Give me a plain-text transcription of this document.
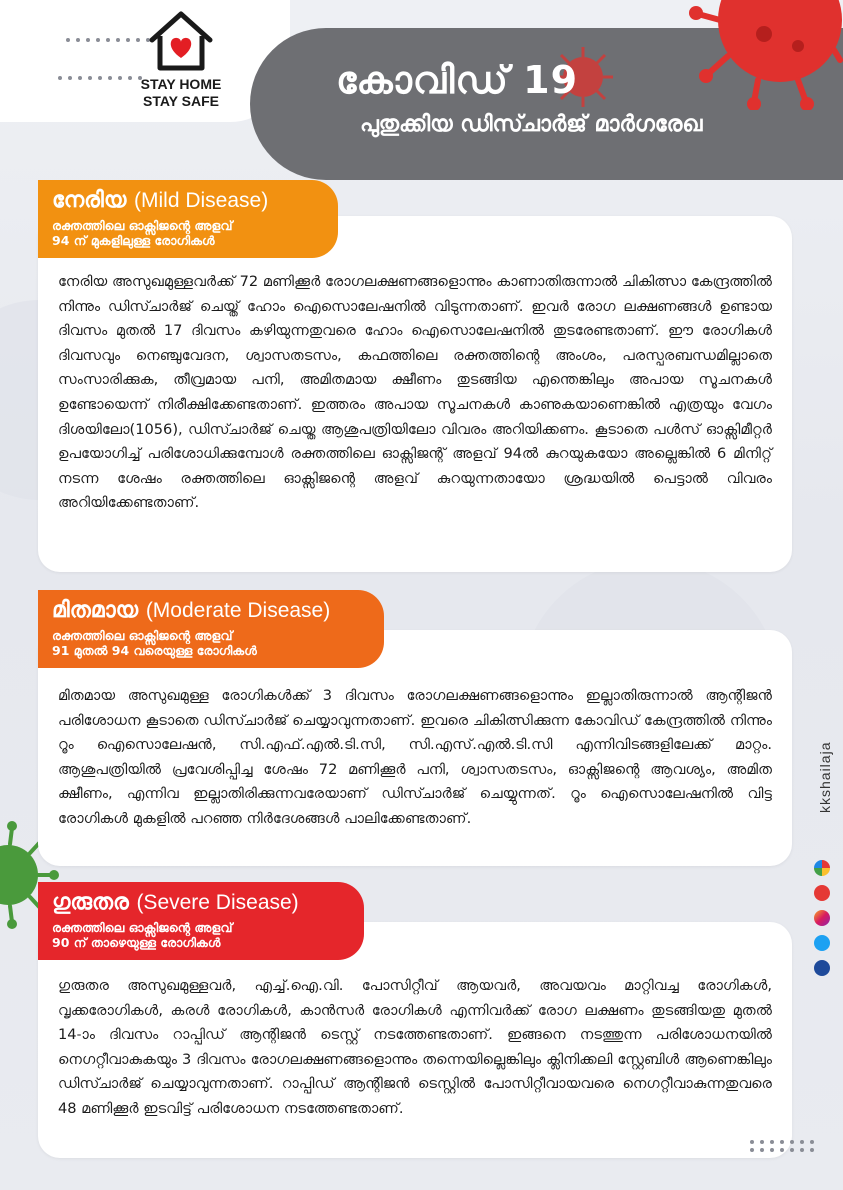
STAY HOME
STAY SAFE	കോവിഡ് 19
പുതുക്കിയ ഡിസ്ചാർജ് മാർഗരേഖ

നേരിയ അസുഖമുള്ളവർക്ക് 72 മണിക്കൂർ രോഗലക്ഷണങ്ങളൊന്നും കാണാതിരുന്നാൽ ചികിത്സാ കേന്ദ്രത്തിൽ നിന്നും ഡിസ്ചാർജ് ചെയ്ത് ഹോം ഐസൊലേഷനിൽ വിടുന്നതാണ്. ഇവർ രോഗ ലക്ഷണങ്ങൾ ഉണ്ടായ ദിവസം മുതൽ 17 ദിവസം കഴിയുന്നതുവരെ ഹോം ഐസൊലേഷനിൽ തുടരേണ്ടതാണ്. ഈ രോഗികൾ ദിവസവും നെഞ്ചുവേദന, ശ്വാസതടസം, കഫത്തിലെ രക്തത്തിന്റെ അംശം, പരസ്പരബന്ധമില്ലാതെ സംസാരിക്കുക, തീവ്രമായ പനി, അമിതമായ ക്ഷീണം തുടങ്ങിയ എന്തെങ്കിലും അപായ സൂചനകൾ ഉണ്ടോയെന്ന് നിരീക്ഷിക്കേണ്ടതാണ്. ഇത്തരം അപായ സൂചനകൾ കാണുകയാണെങ്കിൽ എത്രയും വേഗം ദിശയിലോ(1056), ഡിസ്ചാർജ് ചെയ്ത ആശുപത്രിയിലോ വിവരം അറിയിക്കണം. കൂടാതെ പൾസ് ഓക്സിമീറ്റർ ഉപയോഗിച്ച് പരിശോധിക്കുമ്പോൾ രക്തത്തിലെ ഓക്സിജന്റ് അളവ് 94ൽ കുറയുകയോ അല്ലെങ്കിൽ 6 മിനിറ്റ് നടന്ന ശേഷം രക്തത്തിലെ ഓക്സിജന്റെ അളവ് കുറയുന്നതായോ ശ്രദ്ധയിൽ പെട്ടാൽ വിവരം അറിയിക്കേണ്ടതാണ്.

നേരിയ (Mild Disease)
രക്തത്തിലെ ഓക്സിജന്റെ അളവ്
94 ന് മുകളിലുള്ള രോഗികൾ

മിതമായ അസുഖമുള്ള രോഗികൾക്ക് 3 ദിവസം രോഗലക്ഷണങ്ങളൊന്നും ഇല്ലാതിരുന്നാൽ ആന്റിജൻ പരിശോധന കൂടാതെ ഡിസ്ചാർജ് ചെയ്യാവുന്നതാണ്. ഇവരെ ചികിത്സിക്കുന്ന കോവിഡ് കേന്ദ്രത്തിൽ നിന്നും റൂം ഐസൊലേഷൻ, സി.എഫ്.എൽ.ടി.സി, സി.എസ്.എൽ.ടി.സി എന്നിവിടങ്ങളിലേക്ക് മാറ്റം. ആശുപത്രിയിൽ പ്രവേശിപ്പിച്ച ശേഷം 72 മണിക്കൂർ പനി, ശ്വാസതടസം, ഓക്സിജന്റെ ആവശ്യം, അമിത ക്ഷീണം, എന്നിവ ഇല്ലാതിരിക്കുന്നവരേയാണ് ഡിസ്ചാർജ് ചെയ്യുന്നത്. റൂം ഐസൊലേഷനിൽ വിട്ട രോഗികൾ മുകളിൽ പറഞ്ഞ നിർദേശങ്ങൾ പാലിക്കേണ്ടതാണ്.

മിതമായ (Moderate Disease)
രക്തത്തിലെ ഓക്സിജന്റെ അളവ്
91 മുതൽ 94 വരെയുള്ള രോഗികൾ

ഗുരുതര അസുഖമുള്ളവർ, എച്ച്.ഐ.വി. പോസിറ്റീവ് ആയവർ, അവയവം മാറ്റിവച്ച രോഗികൾ, വൃക്കരോഗികൾ, കരൾ രോഗികൾ, കാൻസർ രോഗികൾ എന്നിവർക്ക് രോഗ ലക്ഷണം തുടങ്ങിയതു മുതൽ 14-ാം ദിവസം റാപ്പിഡ് ആന്റിജൻ ടെസ്റ്റ് നടത്തേണ്ടതാണ്. ഇങ്ങനെ നടത്തുന്ന പരിശോധനയിൽ നെഗറ്റീവാകുകയും 3 ദിവസം രോഗലക്ഷണങ്ങളൊന്നും തന്നെയില്ലെങ്കിലും ക്ലിനിക്കലി സ്റ്റേബിൾ ആണെങ്കിലും ഡിസ്ചാർജ് ചെയ്യാവുന്നതാണ്. റാപ്പിഡ് ആന്റിജൻ ടെസ്റ്റിൽ പോസിറ്റീവായവരെ നെഗറ്റീവാകുന്നതുവരെ 48 മണിക്കൂർ ഇടവിട്ട് പരിശോധന നടത്തേണ്ടതാണ്.

ഗുരുതര (Severe Disease)
രക്തത്തിലെ ഓക്സിജന്റെ അളവ്
90 ന് താഴെയുള്ള രോഗികൾ
kkshailaja
